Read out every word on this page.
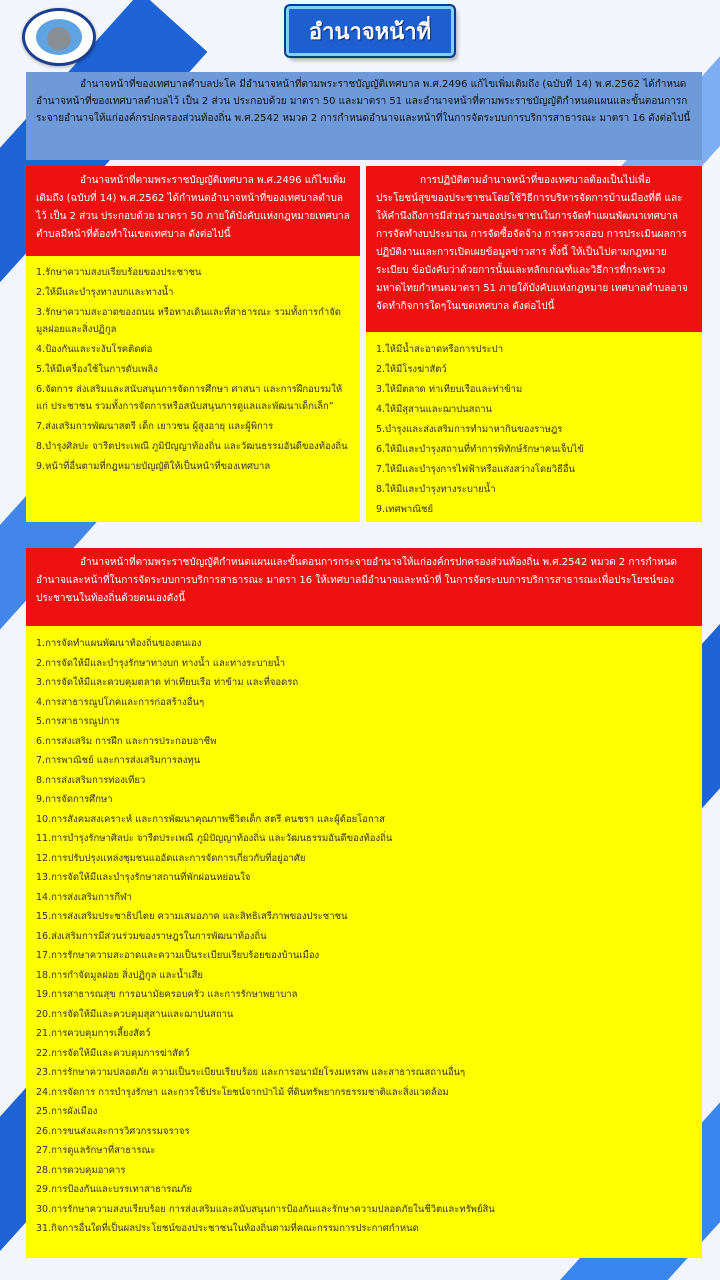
อำนาจหน้าที่
อำนาจหน้าที่ของเทศบาลตำบลปะโค มีอำนาจหน้าที่ตามพระราชบัญญัติเทศบาล พ.ศ.2496 แก้ไขเพิ่มเติมถึง (ฉบับที่ 14) พ.ศ.2562 ได้กำหนดอำนาจหน้าที่ของเทศบาลตำบลไว้ เป็น 2 ส่วน ประกอบด้วย มาตรา 50 และมาตรา 51 และอำนาจหน้าที่ตามพระราชบัญญัติกำหนดแผนและขั้นตอนการกระจายอำนาจให้แก่องค์กรปกครองส่วนท้องถิ่น พ.ศ.2542 หมวด 2 การกำหนดอำนาจและหน้าที่ในการจัดระบบการบริการสาธารณะ มาตรา 16 ดังต่อไปนี้
อำนาจหน้าที่ตามพระราชบัญญัติเทศบาล พ.ศ.2496 แก้ไขเพิ่มเติมถึง (ฉบับที่ 14) พ.ศ.2562 ได้กำหนดอำนาจหน้าที่ของเทศบาลตำบลไว้ เป็น 2 ส่วน ประกอบด้วย มาตรา 50 ภายใต้บังคับแห่งกฎหมายเทศบาลตำบลมีหน้าที่ต้องทำในเขตเทศบาล ดังต่อไปนี้
1.รักษาความสงบเรียบร้อยของประชาชน
2.ให้มีและบำรุงทางบกและทางน้ำ
3.รักษาความสะอาดของถนน หรือทางเดินและที่สาธารณะ รวมทั้งการกำจัดมูลฝอยและสิ่งปฏิกูล
4.ป้องกันและระงับโรคติดต่อ
5.ให้มีเครื่องใช้ในการดับเพลิง
6.จัดการ ส่งเสริมและสนับสนุนการจัดการศึกษา ศาสนา และการฝึกอบรมให้แก่ ประชาชน รวมทั้งการจัดการหรือสนับสนุนการดูแลและพัฒนาเด็กเล็ก”
7.ส่งเสริมการพัฒนาสตรี เด็ก เยาวชน ผู้สูงอายุ และผู้พิการ
8.บำรุงศิลปะ จารีตประเพณี ภูมิปัญญาท้องถิ่น และวัฒนธรรมอันดีของท้องถิ่น
9.หน้าที่อื่นตามที่กฎหมายบัญญัติให้เป็นหน้าที่ของเทศบาล
การปฏิบัติตามอำนาจหน้าที่ของเทศบาลต้องเป็นไปเพื่อประโยชน์สุขของประชาชนโดยใช้วิธีการบริหารจัดการบ้านเมืองที่ดี และให้คำนึงถึงการมีส่วนร่วมของประชาชนในการจัดทำแผนพัฒนาเทศบาล การจัดทำงบประมาณ การจัดซื้อจัดจ้าง การตรวจสอบ การประเมินผลการปฏิบัติงานและการเปิดเผยข้อมูลข่าวสาร ทั้งนี้ ให้เป็นไปตามกฎหมาย ระเบียบ ข้อบังคับว่าด้วยการนั้นและหลักเกณฑ์และวิธีการที่กระทรวงมหาดไทยกำหนดมาตรา 51 ภายใต้บังคับแห่งกฎหมาย เทศบาลตำบลอาจจัดทำกิจการใดๆในเขตเทศบาล ดังต่อไปนี้
1.ให้มีน้ำสะอาดหรือการประปา
2.ให้มีโรงฆ่าสัตว์
3.ให้มีตลาด ท่าเทียบเรือและท่าข้าม
4.ให้มีสุสานและฌาปนสถาน
5.บำรุงและส่งเสริมการทำมาหากินของราษฎร
6.ให้มีและบำรุงสถานที่ทำการพิทักษ์รักษาคนเจ็บไข้
7.ให้มีและบำรุงการไฟฟ้าหรือแสงสว่างโดยวิธีอื่น
8.ให้มีและบำรุงทางระบายน้ำ
9.เทศพาณิชย์
อำนาจหน้าที่ตามพระราชบัญญัติกำหนดแผนและขั้นตอนการกระจายอำนาจให้แก่องค์กรปกครองส่วนท้องถิ่น พ.ศ.2542 หมวด 2 การกำหนดอำนาจและหน้าที่ในการจัดระบบการบริการสาธารณะ มาตรา 16 ให้เทศบาลมีอำนาจและหน้าที่ ในการจัดระบบการบริการสาธารณะเพื่อประโยชน์ของประชาชนในท้องถิ่นด้วยตนเองดังนี้
1.การจัดทำแผนพัฒนาท้องถิ่นของตนเอง
2.การจัดให้มีและบำรุงรักษาทางบก ทางน้ำ และทางระบายน้ำ
3.การจัดให้มีและควบคุมตลาด ท่าเทียบเรือ ท่าข้าม และที่จอดรถ
4.การสาธารณูปโภคและการก่อสร้างอื่นๆ
5.การสาธารณูปการ
6.การส่งเสริม การฝึก และการประกอบอาชีพ
7.การพาณิชย์ และการส่งเสริมการลงทุน
8.การส่งเสริมการท่องเที่ยว
9.การจัดการศึกษา
10.การสังคมสงเคราะห์ และการพัฒนาคุณภาพชีวิตเด็ก สตรี คนชรา และผู้ด้อยโอกาส
11.การบำรุงรักษาศิลปะ จารีตประเพณี ภูมิปัญญาท้องถิ่น และวัฒนธรรมอันดีของท้องถิ่น
12.การปรับปรุงแหล่งชุมชนแออัดและการจัดการเกี่ยวกับที่อยู่อาศัย
13.การจัดให้มีและบำรุงรักษาสถานที่พักผ่อนหย่อนใจ
14.การส่งเสริมการกีฬา
15.การส่งเสริมประชาธิปไตย ความเสมอภาค และสิทธิเสรีภาพของประชาชน
16.ส่งเสริมการมีส่วนร่วมของราษฎรในการพัฒนาท้องถิ่น
17.การรักษาความสะอาดและความเป็นระเบียบเรียบร้อยของบ้านเมือง
18.การกำจัดมูลฝอย สิ่งปฏิกูล และน้ำเสีย
19.การสาธารณสุข การอนามัยครอบครัว และการรักษาพยาบาล
20.การจัดให้มีและควบคุมสุสานและฌาปนสถาน
21.การควบคุมการเลี้ยงสัตว์
22.การจัดให้มีและควบคุมการฆ่าสัตว์
23.การรักษาความปลอดภัย ความเป็นระเบียบเรียบร้อย และการอนามัยโรงมหรสพ และสาธารณสถานอื่นๆ
24.การจัดการ การบำรุงรักษา และการใช้ประโยชน์จากป่าไม้ ที่ดินทรัพยากรธรรมชาติและสิ่งแวดล้อม
25.การผังเมือง
26.การขนส่งและการวิศวกรรมจราจร
27.การดูแลรักษาที่สาธารณะ
28.การควบคุมอาคาร
29.การป้องกันและบรรเทาสาธารณภัย
30.การรักษาความสงบเรียบร้อย การส่งเสริมและสนับสนุนการป้องกันและรักษาความปลอดภัยในชีวิตและทรัพย์สิน
31.กิจการอื่นใดที่เป็นผลประโยชน์ของประชาชนในท้องถิ่นตามที่คณะกรรมการประกาศกำหนด
